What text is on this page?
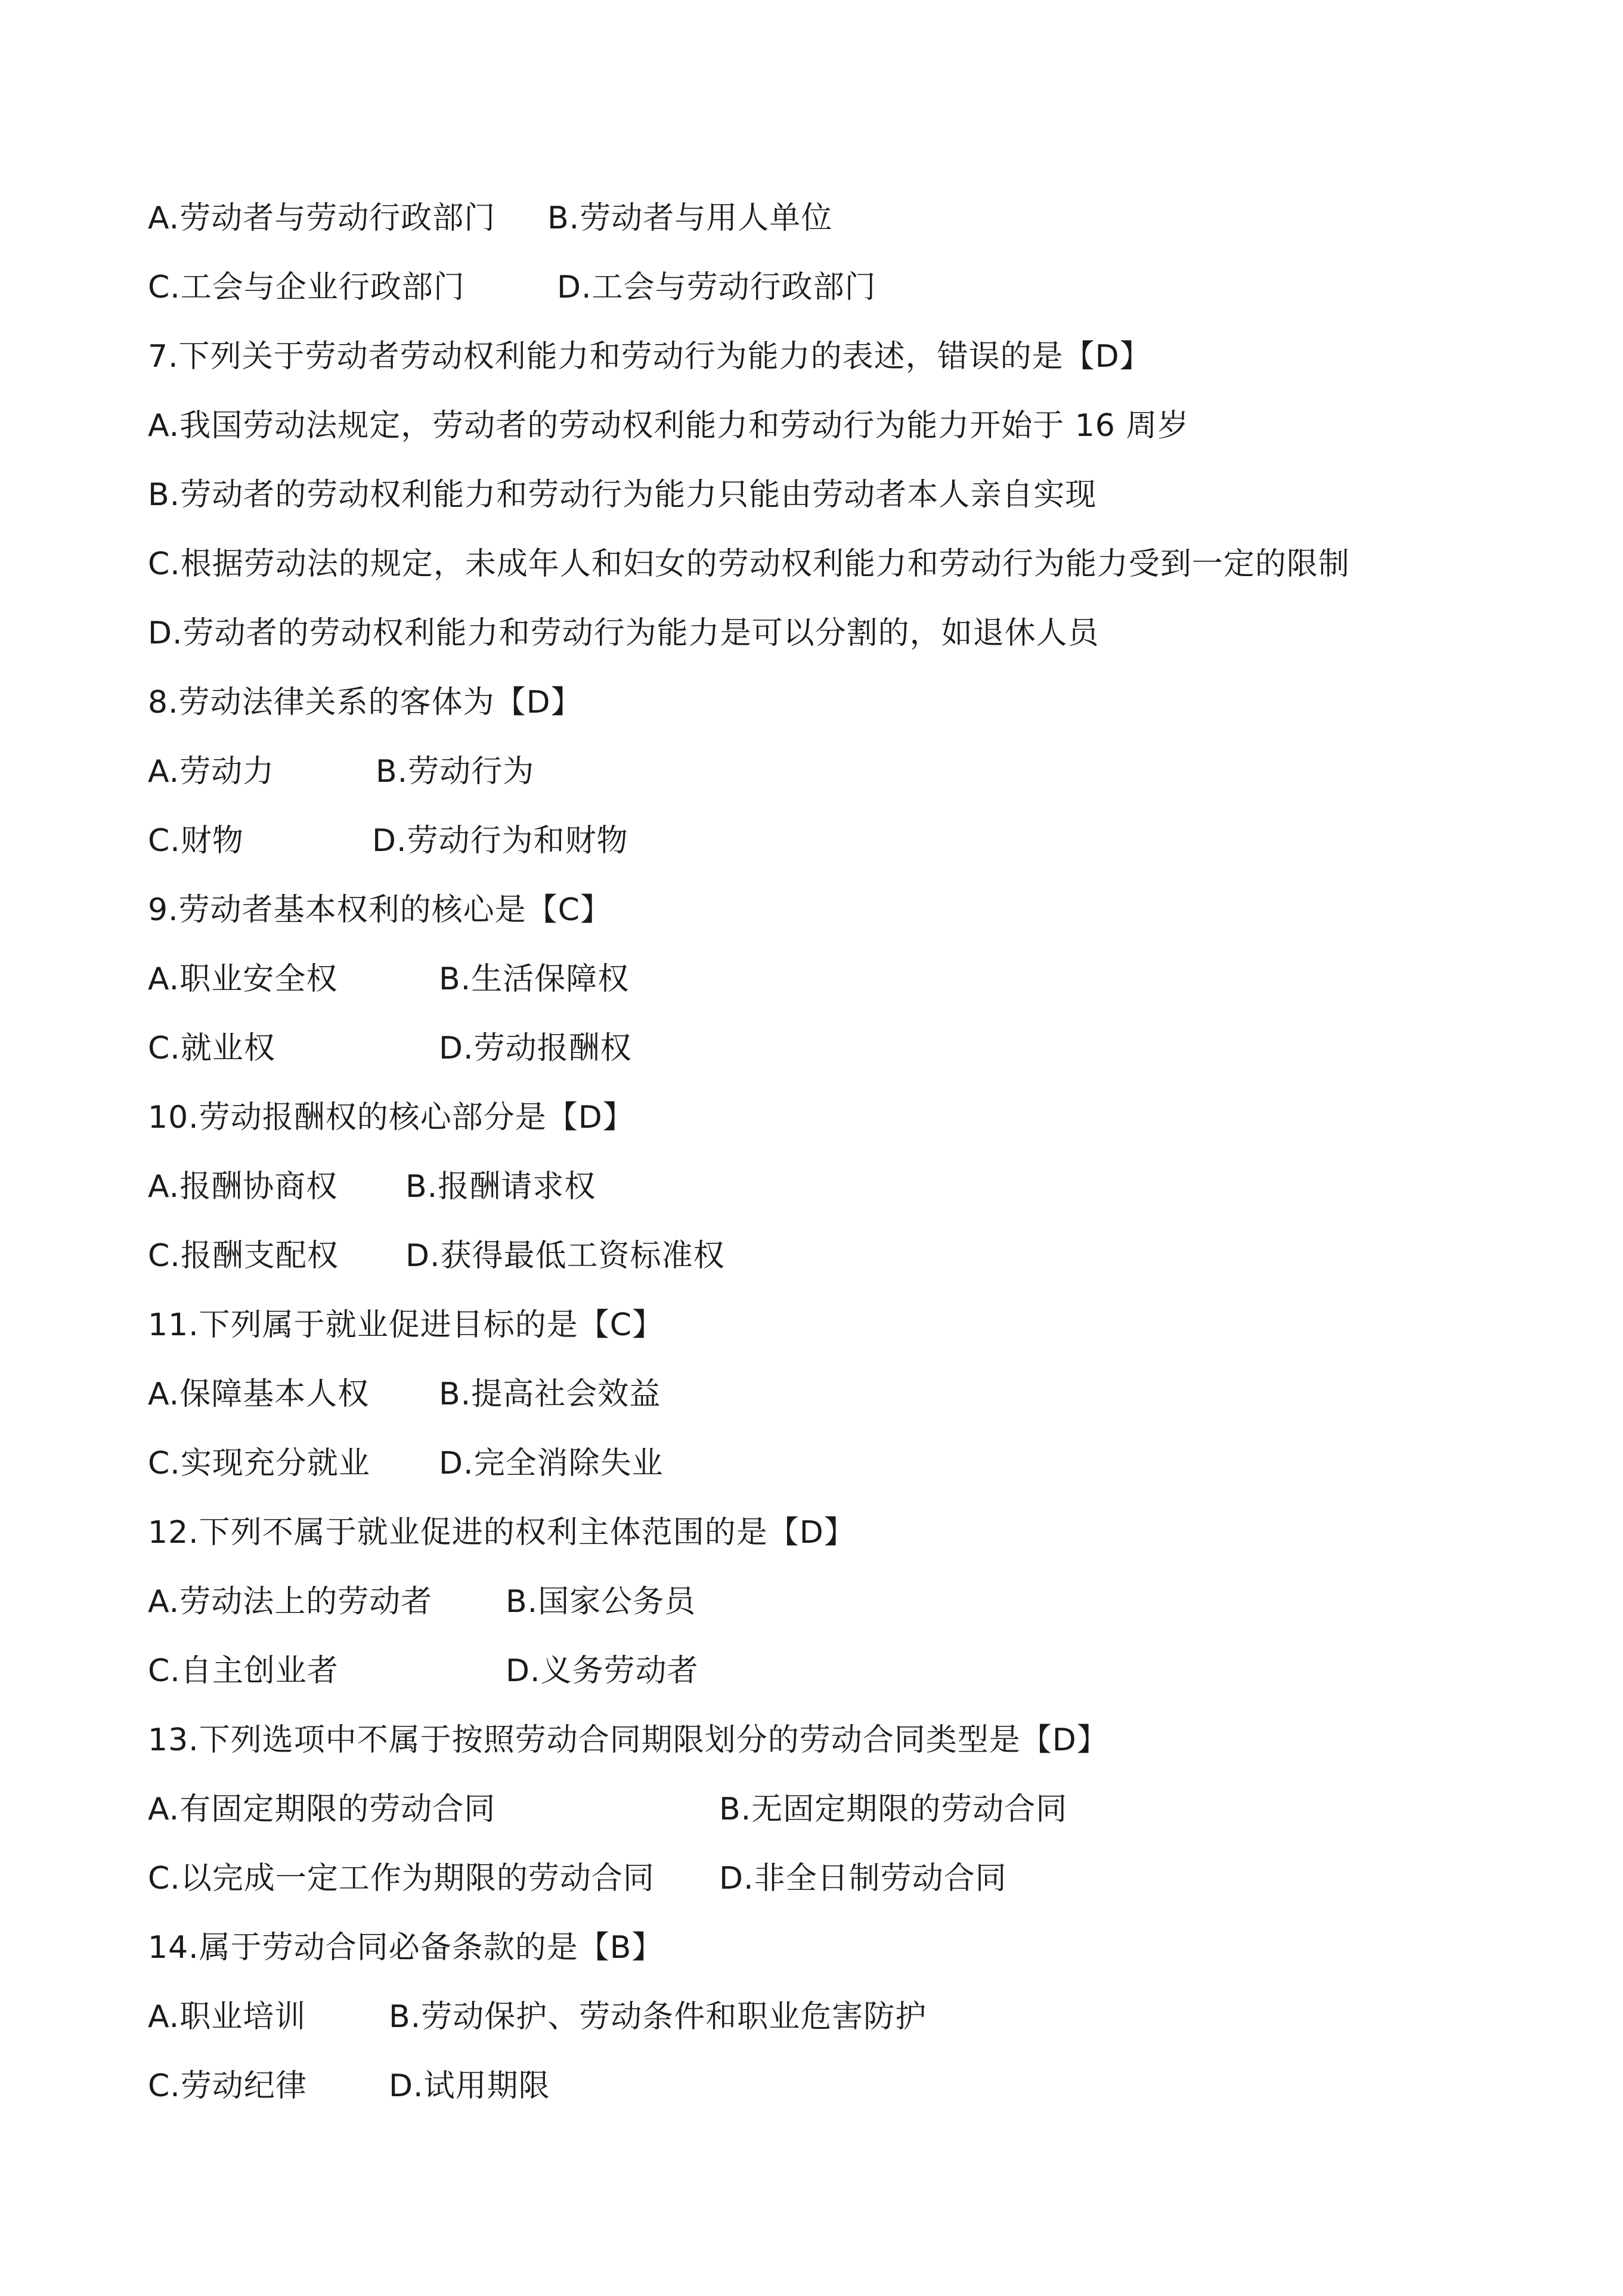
A.劳动者与劳动行政部门 B.劳动者与用人单位
C.工会与企业行政部门	D.工会与劳动行政部门
7.下列关于劳动者劳动权利能力和劳动行为能力的表述，错误的是【D】
A.我国劳动法规定，劳动者的劳动权利能力和劳动行为能力开始于 16 周岁
B.劳动者的劳动权利能力和劳动行为能力只能由劳动者本人亲自实现
C.根据劳动法的规定，未成年人和妇女的劳动权利能力和劳动行为能力受到一定的限制
D.劳动者的劳动权利能力和劳动行为能力是可以分割的，如退休人员
8.劳动法律关系的客体为【D】
A.劳动力	B.劳动行为
C.财物	D.劳动行为和财物
9.劳动者基本权利的核心是【C】
A.职业安全权	B.生活保障权
C.就业权	D.劳动报酬权
10.劳动报酬权的核心部分是【D】
A.报酬协商权 B.报酬请求权
C.报酬支配权 D.获得最低工资标准权
11.下列属于就业促进目标的是【C】
A.保障基本人权 B.提高社会效益
C.实现充分就业 D.完全消除失业
12.下列不属于就业促进的权利主体范围的是【D】
A.劳动法上的劳动者 B.国家公务员
C.自主创业者	D.义务劳动者
13.下列选项中不属于按照劳动合同期限划分的劳动合同类型是【D】
A.有固定期限的劳动合同	B.无固定期限的劳动合同
C.以完成一定工作为期限的劳动合同 D.非全日制劳动合同
14.属于劳动合同必备条款的是【B】
A.职业培训	B.劳动保护、劳动条件和职业危害防护
C.劳动纪律	D.试用期限
